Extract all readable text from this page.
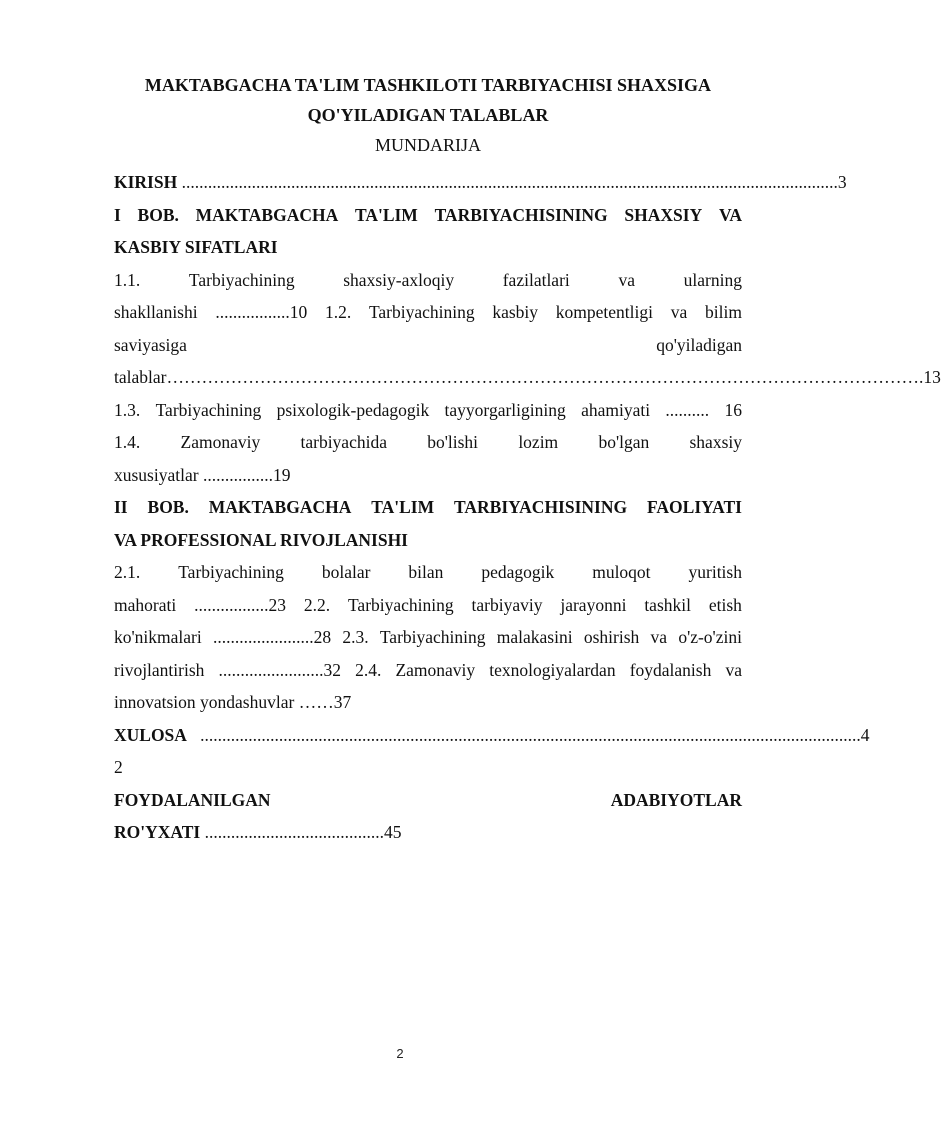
MAKTABGACHA TA'LIM TASHKILOTI TARBIYACHISI SHAXSIGA

QO'YILADIGAN TALABLAR

MUNDARIJA

KIRISH ...................................................................................................................................................... 3
I BOB. MAKTABGACHA TA'LIM TARBIYACHISINING SHAXSIY VA

KASBIY SIFATLARI

1.1.	Tarbiyachining	shaxsiy-axloqiy	fazilatlari	va	ularning
shakllanishi .................10 1.2. Tarbiyachining kasbiy kompetentligi va bilim
saviyasiga	qo'yiladigan
talablar ………………………………………………………………………………………………………………… .13
1.3. Tarbiyachining psixologik-pedagogik tayyorgarligining ahamiyati .......... 16
1.4. Zamonaviy tarbiyachida bo'lishi lozim bo'lgan shaxsiy

xususiyatlar ................19

II BOB. MAKTABGACHA TA'LIM TARBIYACHISINING FAOLIYATI

VA PROFESSIONAL RIVOJLANISHI

2.1. Tarbiyachining bolalar bilan pedagogik muloqot yuritish
mahorati .................23 2.2. Tarbiyachining tarbiyaviy jarayonni tashkil etish
ko'nikmalari .......................28 2.3. Tarbiyachining malakasini oshirish va o'z-o'zini
rivojlantirish ........................32 2.4. Zamonaviy texnologiyalardan foydalanish va

innovatsion yondashuvlar ……37

XULOSA ...................................................................................................................................................... .4

2

FOYDALANILGAN	ADABIYOTLAR

RO'YXATI .........................................45

2
